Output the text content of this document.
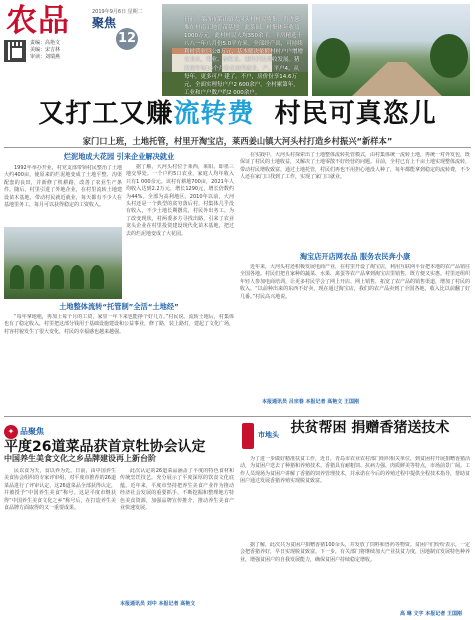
农品	2019年9月6日 星期二
聚焦
12
责编：高艳文
美编：宋吉林
审读：刘瑞燕
日前，莱西市莱山镇大河头村村民将集、贵香葱堆在村南工地育苗基地，此茶园，村集体年收益1000万元，此村村民人均350余平，平房精选十八八一年八月份5.0平方米。全部经产出，可持续利村营业巨公8万元，基本解决依附村村户户增增农业从，果业、畜牧业、建性村民增收发展。猪投资年每14个月份在家所就业，户，平户4。从每年，更多可户 建了。不户，房价份享14.6万元，全面实理每户户2 600余户。全村累第年，工业和户户数户约2 000余户。
又打工又赚流转费 村民可真恣儿
家门口上班，土地托管，村里开淘宝店，莱西姜山镇大河头村打造乡村振兴“新样本”
烂泥地成大花园 引来企业解决就业
据了解，大河头村位于莱西，莱阳、即墨三地交界处。一个户约5口农业，家庭人均年收入只有1 000余元。该村有耕地700亩，2021年人均收入达到2.2万元，增长1290元，增长倍数约为44%。全部为高利地区。2010年以前，大河头村还是一个典型的贫穷落后村，村集体几乎没有收入，不少土地长期撂荒，村民外出务工。为了改变现状，村两委多方寻找出路，引来了农业龙头企业在村里投资建设现代化苗木基地，把过去的烂泥地变成了大花园。
1992年举办开业，村党支部带领村民整治了土地大约400亩，使原来的烂泥地变成了土地平整、沟渠配套的良田，并新修了机耕路，改善了农业生产条件。随后，村里引进了外地企业，在村里流转土地建设苗木基地，带动村民就近就业，每天都有不少人在基地里务工，每月可以获得稳定的工资收入。
土地整体流转“托管制”全活“土地经”
“每年拿地租，再加上每个月的工资，家里一年下来也能挣个好几万。”村民说。流转土地后，村集体也有了稳定收入，村里把这部分钱用于基础设施建设和公益事业，修了路，装上路灯，建起了文化广场，村容村貌发生了很大变化，村民的幸福感也越来越强。
在实践中，大河头村探索出了土地整体流转托管模式，由村集体统一流转土地，再统一对外发包，既保证了村民的土地收益，又解决了土地零散不好经营的问题。目前，全村已有上千亩土地实现整体流转，带动村民增收致富。通过土地托管，村民们再也不用担心地没人种了，每年都能拿到稳定的流转费，不少人还在家门口找到了工作，实现了家门口就业。
淘宝店开店网农品 服务农民奔小康
近年来，大河头村还积极发展电商产业，在村里开设了淘宝店，利用互联网平台把本地的农产品销往全国各地。村民们把自家种的蔬菜、水果、禽蛋等农产品拿到淘宝店里销售，既方便又实惠。村里还组织年轻人参加电商培训，让更多村民学会了网上开店、网上销售，拓宽了农产品的销售渠道，增加了村民的收入。“以前种出来的东西不好卖，现在通过淘宝店，我们的农产品卖到了全国各地，收入比以前翻了好几番。”村民高兴地说。
本报通讯员 吕宗春 本报记者 高艳文 王国刚
✦ 品聚焦
平度26道菜品获首京牡协会认定
中国养生美食文化之乡品牌建设再上新台阶
民以食为天，食以养为先。日前，由中国养生美食协会组织的专家评审组，对平度市推荐的26道菜品进行了评审认定，这26道菜品全部获得认定，并被授予“中国养生美食”称号。这是平度市继获得“中国养生美食文化之乡”称号后，在打造养生美食品牌方面取得的又一重要成果。
此次认定的26道菜品涵盖了平度的特色食材和传统烹饪技艺，充分展示了平度深厚的饮食文化底蕴。近年来，平度市坚持把养生美食产业作为推动经济社会发展的重要抓手，不断挖掘和整理地方特色美食资源，加强品牌宣传推介，推动养生美食产业快速发展。
本报通讯员 刘中 本报记者 高艳文
市地头 扶贫帮困 捐赠香猪送技术
为了进一步做好精准扶贫工作，近日，青岛市农业农村部门组织相关单位，到贫困村开展捐赠香猪活动，为贫困户送去了种猪和养殖技术。香猪具有耐粗饲、抗病力强、肉质鲜美等特点，市场前景广阔。工作人员现场为贫困户讲解了香猪的饲养管理技术，并承诺在今后的养殖过程中提供全程技术指导，帮助贫困户通过发展香猪养殖实现脱贫致富。
据了解，此次共为贫困户捐赠香猪100余头，并发放了饲料和兽药等物资。贫困户们纷纷表示，一定会把香猪养好，早日实现脱贫致富。下一步，有关部门将继续加大产业扶贫力度，因地制宜发展特色种养业，增强贫困户的自我发展能力，确保贫困户持续稳定增收。
高 琳 文字 本报记者 王国刚
